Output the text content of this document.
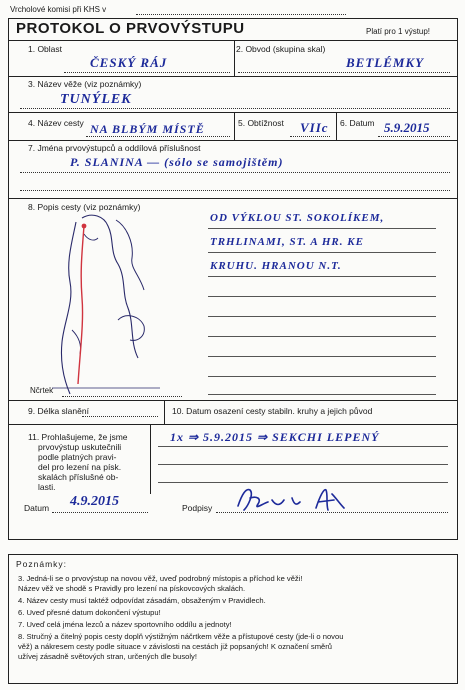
Vrcholové komisi při KHS v
PROTOKOL O PRVOVÝSTUPU	Platí pro 1 výstup!
1. Oblast
ČESKÝ RÁJ
2. Obvod (skupina skal)
BETLÉMKY
3. Název věže (viz poznámky)
TUNÝLEK
4. Název cesty NA BLBÝM MÍSTĚ	5. Obtížnost VIIc 6. Datum 5.9.2015
7. Jména prvovýstupců a oddílová příslušnost
P. SLANINA — (sólo se samojištěm)
8. Popis cesty (viz poznámky)
Nčrtek
OD VÝKLOU ST. SOKOLÍKEM,
TRHLINAMI, ST. A HR. KE
KRUHU. HRANOU N.T.
9. Délka slanění	10. Datum osazení cesty stabiln. kruhy a jejich původ
11. Prohlašujeme, že jsme
prvovýstup uskutečnili
podle platných pravi-
del pro lezení na písk.
skalách příslušné ob-
lasti.
1x ⇒ 5.9.2015 ⇒ SEKCHI LEPENÝ
Datum 4.9.2015	Podpisy
Poznámky:
3. Jedná-li se o prvovýstup na novou věž, uveď podrobný místopis a příchod ke věži!
Název věž ve shodě s Pravidly pro lezení na pískovcových skalách.
4. Název cesty musí taktéž odpovídat zásadám, obsaženým v Pravidlech.
6. Uveď přesné datum dokončení výstupu!
7. Uveď celá jména lezců a název sportovního oddílu a jednoty!
8. Stručný a čitelný popis cesty doplň výstižným náčrtkem věže a přístupové cesty (jde-li o novou
věž) a nákresem cesty podle situace v závislosti na cestách již popsaných! K označení směrů
užívej zásadně světových stran, určených dle busoly!
